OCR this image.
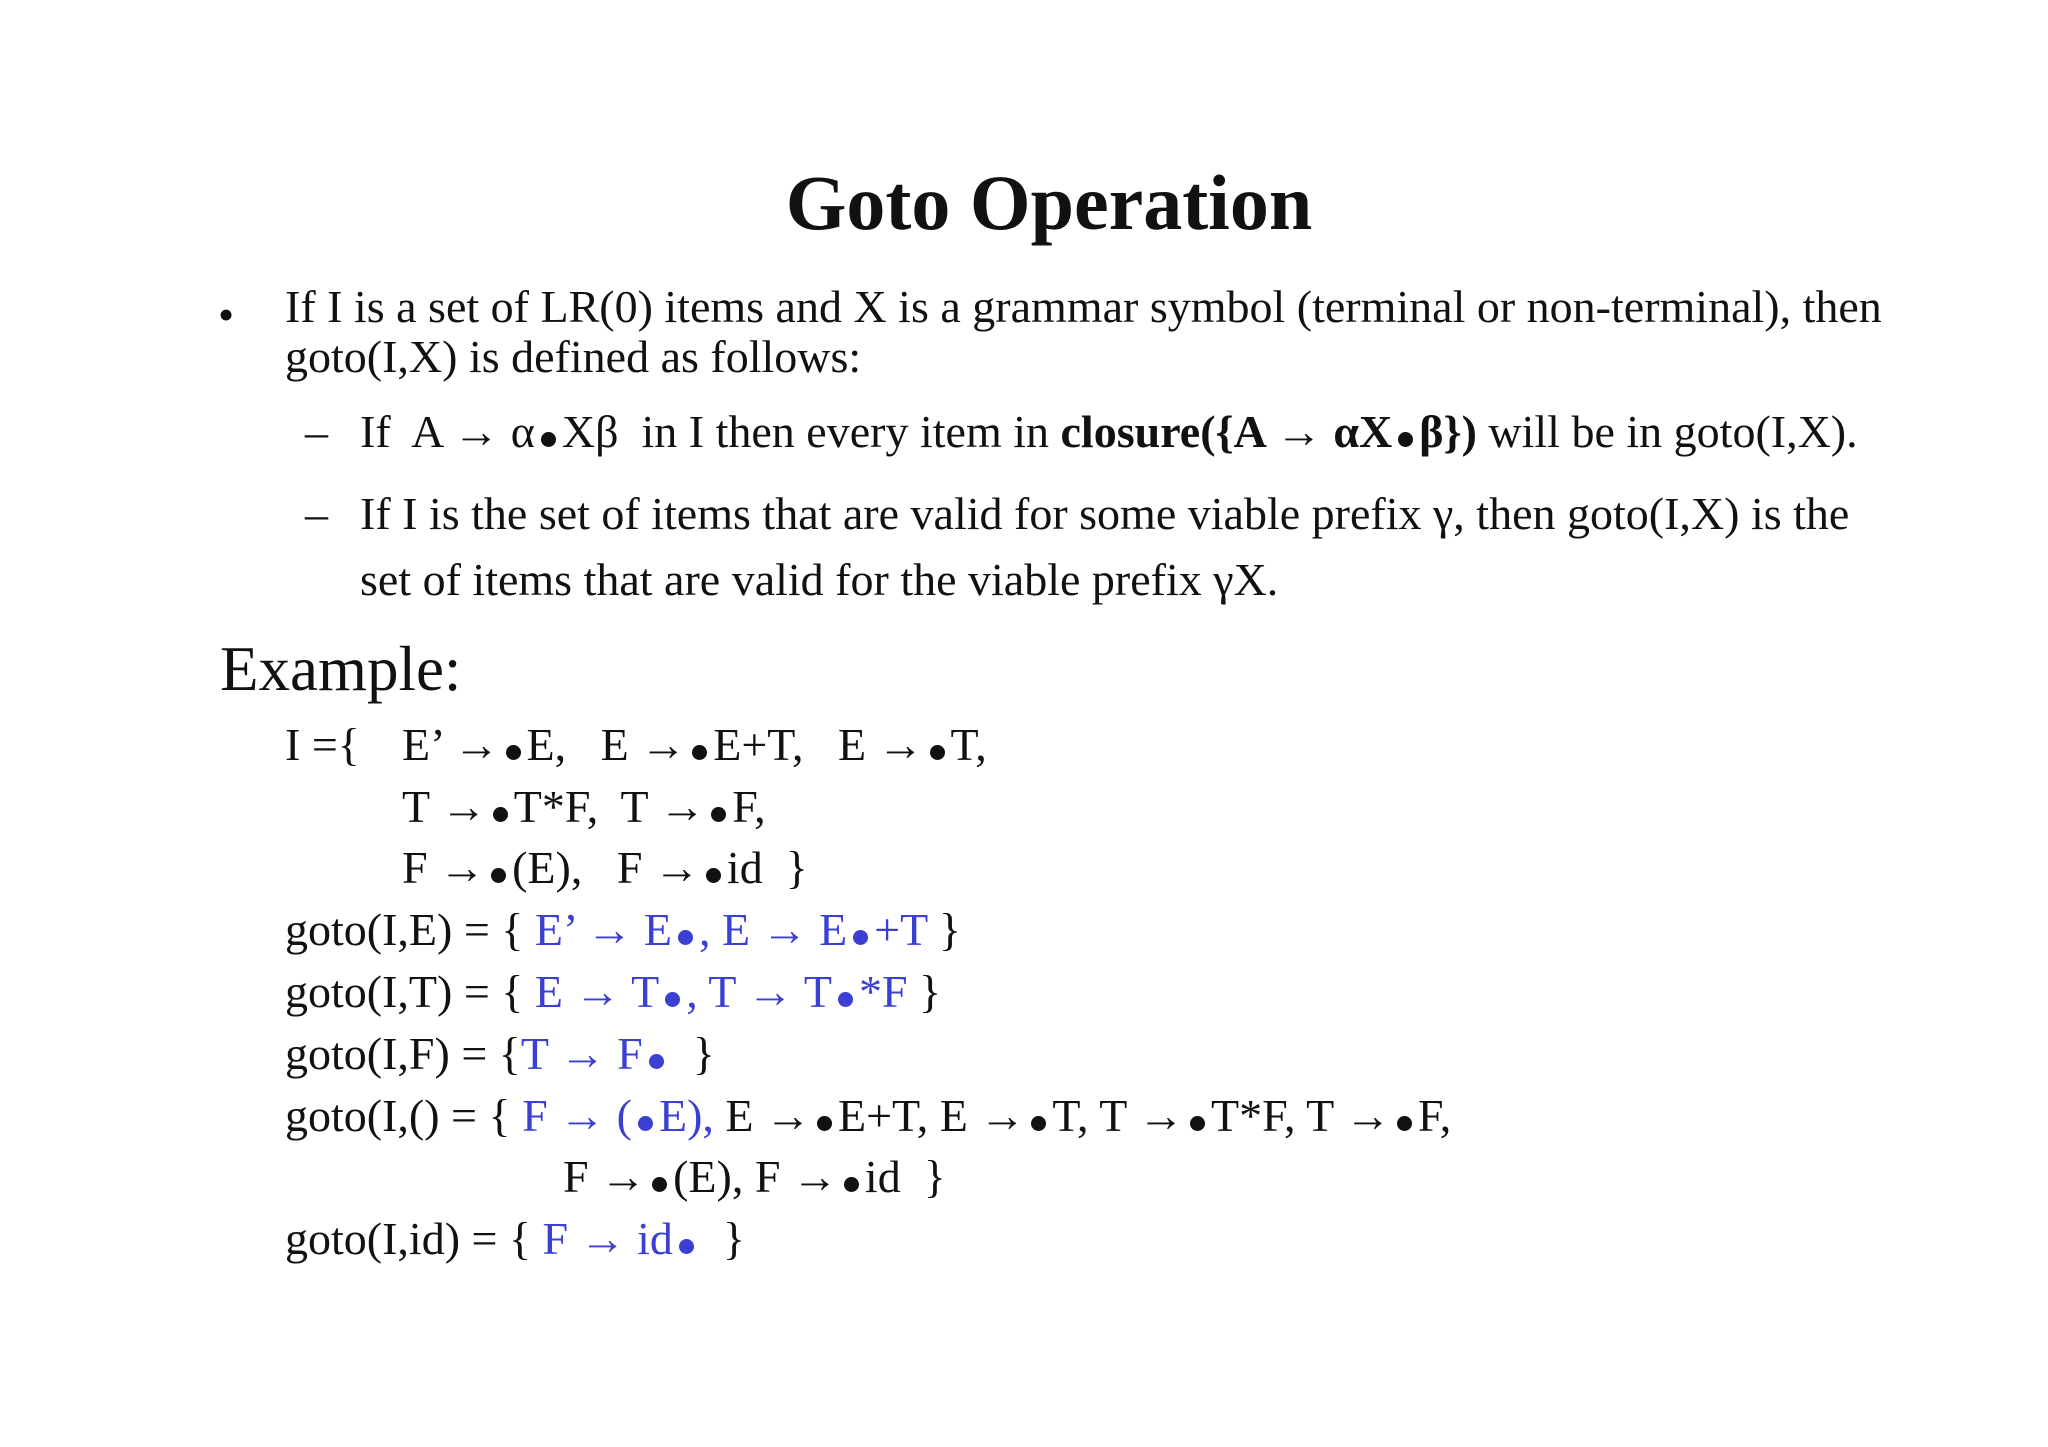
Goto Operation
• If I is a set of LR(0) items and X is a grammar symbol (terminal or non-terminal), then
goto(I,X) is defined as follows:
– If  A → α Xβ  in I then every item in closure({A → αX β}) will be in goto(I,X).
– If I is the set of items that are valid for some viable prefix γ, then goto(I,X) is the
set of items that are valid for the viable prefix γX.
Example:
I ={ E’ → E,   E → E+T,   E → T,
T → T*F,  T → F,
F → (E),   F → id  }
goto(I,E) = { E’ → E , E → E +T }
goto(I,T) = { E → T , T → T *F }
goto(I,F) = {T → F  }
goto(I,() = { F → ( E), E → E+T, E → T, T → T*F, T → F,
F → (E), F → id  }
goto(I,id) = { F → id  }
